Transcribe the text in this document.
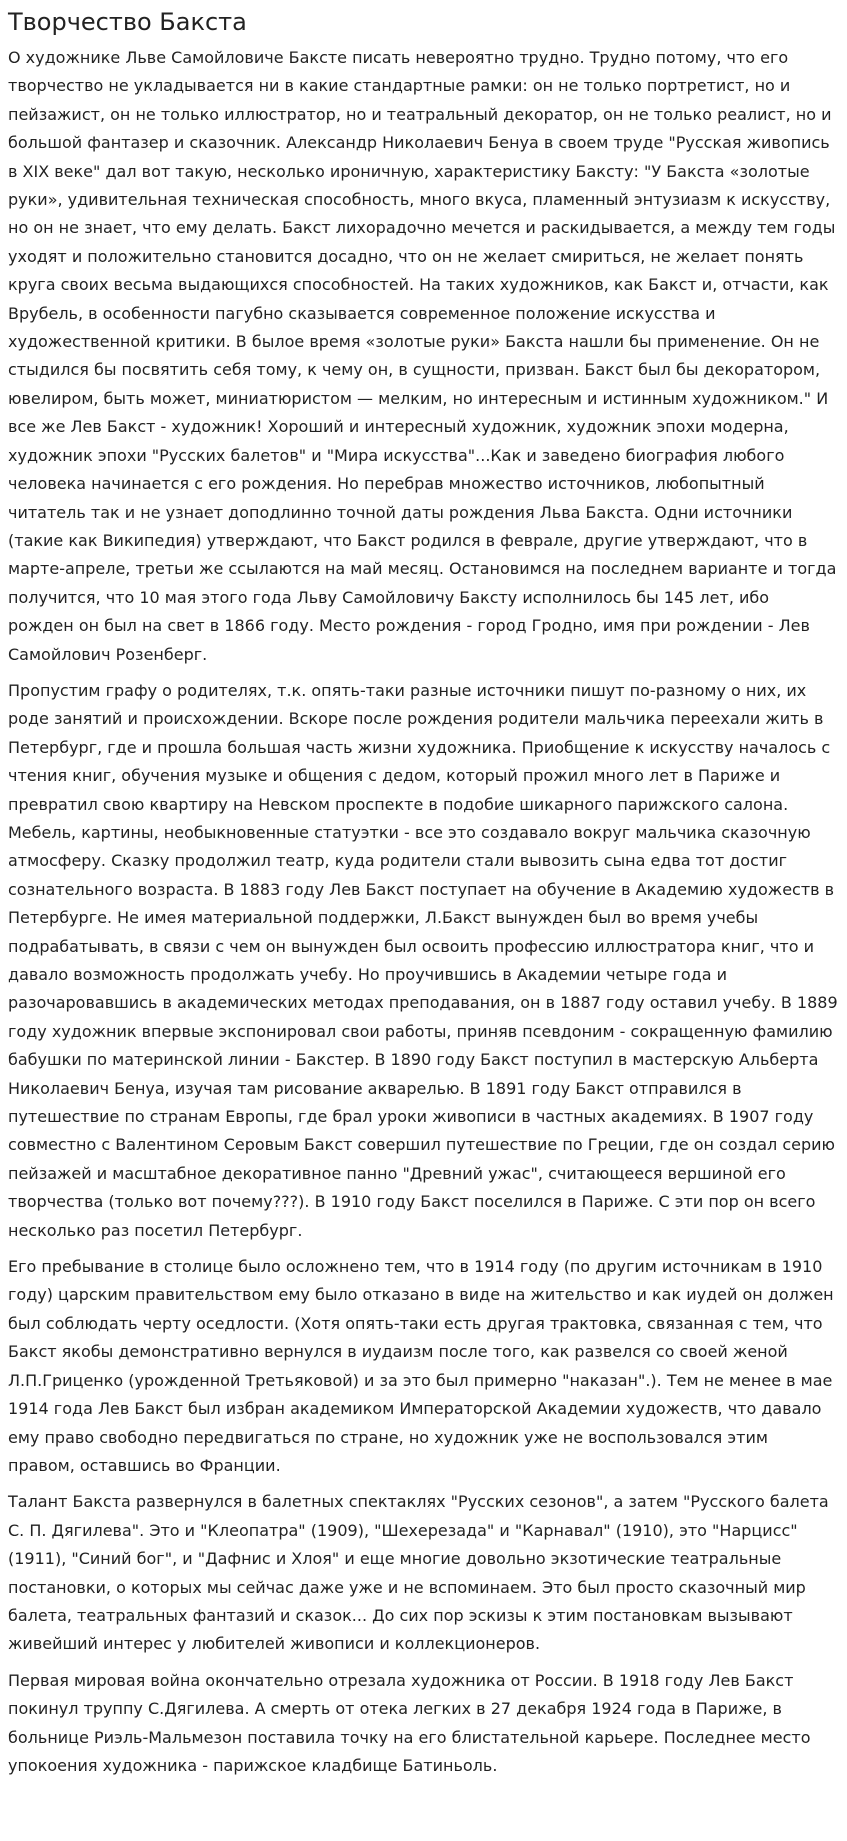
Творчество Бакста

О художнике Льве Самойловиче Баксте писать невероятно трудно. Трудно потому, что его творчество не укладывается ни в какие стандартные рамки: он не только портретист, но и пейзажист, он не только иллюстратор, но и театральный декоратор, он не только реалист, но и большой фантазер и сказочник. Александр Николаевич Бенуа в своем труде "Русская живопись в XIX веке" дал вот такую, несколько ироничную, характеристику Баксту: "У Бакста «золотые руки», удивительная техническая способность, много вкуса, пламенный энтузиазм к искусству, но он не знает, что ему делать. Бакст лихорадочно мечется и раскидывается, а между тем годы уходят и положительно становится досадно, что он не желает смириться, не желает понять круга своих весьма выдающихся способностей. На таких художников, как Бакст и, отчасти, как Врубель, в особенности пагубно сказывается современное положение искусства и художественной критики. В былое время «золотые руки» Бакста нашли бы применение. Он не стыдился бы посвятить себя тому, к чему он, в сущности, призван. Бакст был бы декоратором, ювелиром, быть может, миниатюристом — мелким, но интересным и истинным художником." И все же Лев Бакст - художник! Хороший и интересный художник, художник эпохи модерна, художник эпохи "Русских балетов" и "Мира искусства"...Как и заведено биография любого человека начинается с его рождения. Но перебрав множество источников, любопытный читатель так и не узнает доподлинно точной даты рождения Льва Бакста. Одни источники (такие как Википедия) утверждают, что Бакст родился в феврале, другие утверждают, что в марте-апреле, третьи же ссылаются на май месяц. Остановимся на последнем варианте и тогда получится, что 10 мая этого года Льву Самойловичу Баксту исполнилось бы 145 лет, ибо рожден он был на свет в 1866 году. Место рождения - город Гродно, имя при рождении - Лев Самойлович Розенберг.

Пропустим графу о родителях, т.к. опять-таки разные источники пишут по-разному о них, их роде занятий и происхождении. Вскоре после рождения родители мальчика переехали жить в Петербург, где и прошла большая часть жизни художника. Приобщение к искусству началось с чтения книг, обучения музыке и общения с дедом, который прожил много лет в Париже и превратил свою квартиру на Невском проспекте в подобие шикарного парижского салона. Мебель, картины, необыкновенные статуэтки - все это создавало вокруг мальчика сказочную атмосферу. Сказку продолжил театр, куда родители стали вывозить сына едва тот достиг сознательного возраста. В 1883 году Лев Бакст поступает на обучение в Академию художеств в Петербурге. Не имея материальной поддержки, Л.Бакст вынужден был во время учебы подрабатывать, в связи с чем он вынужден был освоить профессию иллюстратора книг, что и давало возможность продолжать учебу. Но проучившись в Академии четыре года и разочаровавшись в академических методах преподавания, он в 1887 году оставил учебу. В 1889 году художник впервые экспонировал свои работы, приняв псевдоним - сокращенную фамилию бабушки по материнской линии - Бакстер. В 1890 году Бакст поступил в мастерскую Альберта Николаевич Бенуа, изучая там рисование акварелью. В 1891 году Бакст отправился в путешествие по странам Европы, где брал уроки живописи в частных академиях. В 1907 году совместно с Валентином Серовым Бакст совершил путешествие по Греции, где он создал серию пейзажей и масштабное декоративное панно "Древний ужас", считающееся вершиной его творчества (только вот почему???). В 1910 году Бакст поселился в Париже. С эти пор он всего несколько раз посетил Петербург.

Его пребывание в столице было осложнено тем, что в 1914 году (по другим источникам в 1910 году) царским правительством ему было отказано в виде на жительство и как иудей он должен был соблюдать черту оседлости. (Хотя опять-таки есть другая трактовка, связанная с тем, что Бакст якобы демонстративно вернулся в иудаизм после того, как развелся со своей женой Л.П.Гриценко (урожденной Третьяковой) и за это был примерно "наказан".). Тем не менее в мае 1914 года Лев Бакст был избран академиком Императорской Академии художеств, что давало ему право свободно передвигаться по стране, но художник уже не воспользовался этим правом, оставшись во Франции.

Талант Бакста развернулся в балетных спектаклях "Русских сезонов", а затем "Русского балета С. П. Дягилева". Это и "Клеопатра" (1909), "Шехерезада" и "Карнавал" (1910), это "Нарцисс" (1911), "Синий бог", и "Дафнис и Хлоя" и еще многие довольно экзотические театральные постановки, о которых мы сейчас даже уже и не вспоминаем. Это был просто сказочный мир балета, театральных фантазий и сказок... До сих пор эскизы к этим постановкам вызывают живейший интерес у любителей живописи и коллекционеров.

Первая мировая война окончательно отрезала художника от России. В 1918 году Лев Бакст покинул труппу С.Дягилева. А смерть от отека легких в 27 декабря 1924 года в Париже, в больнице Риэль-Мальмезон поставила точку на его блистательной карьере. Последнее место упокоения художника - парижское кладбище Батиньоль.
